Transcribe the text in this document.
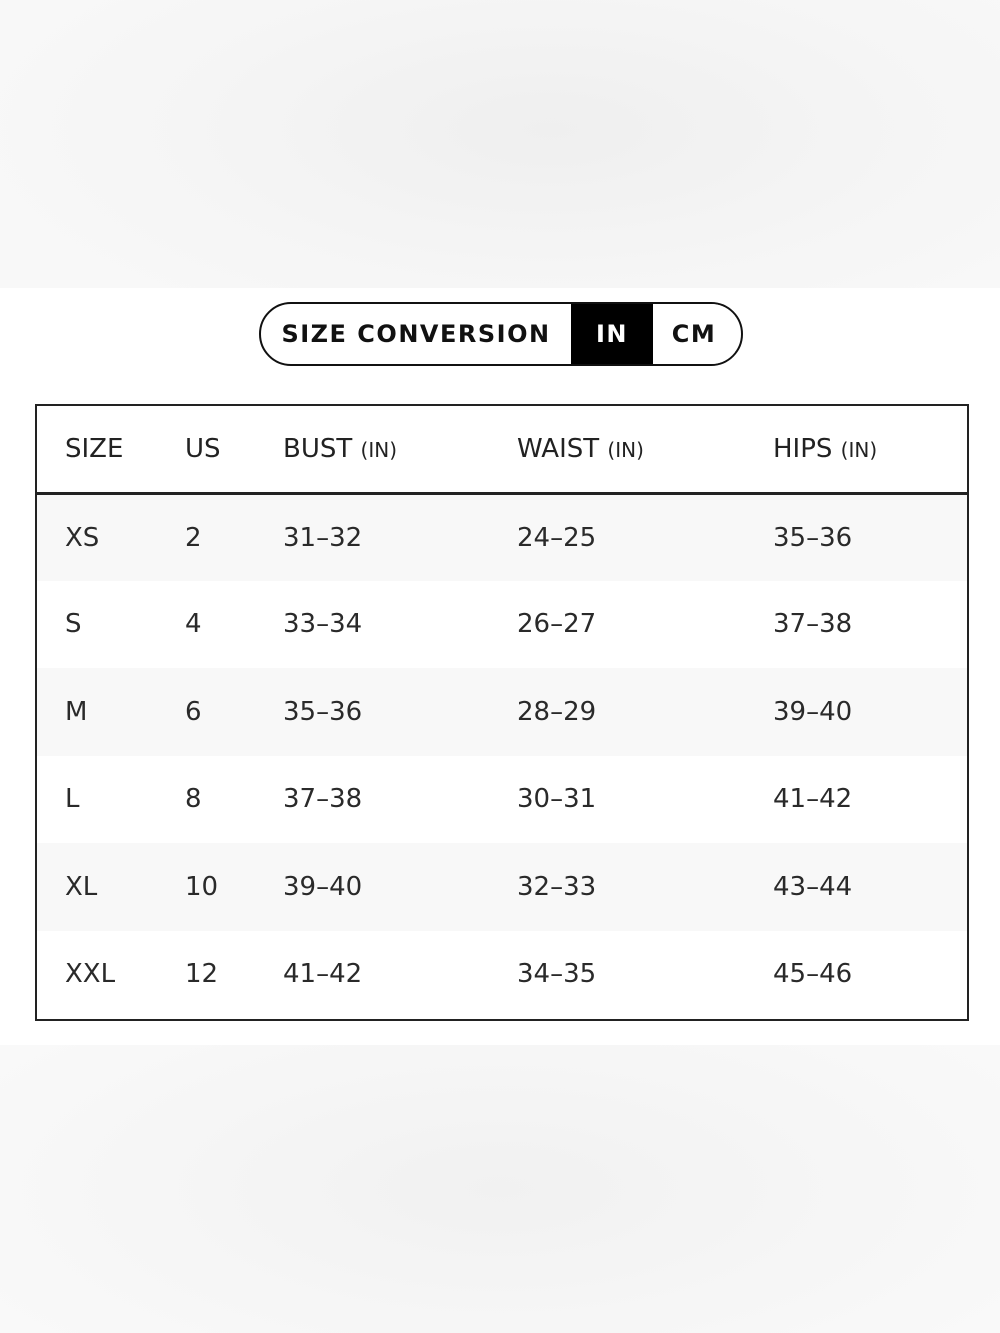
SIZE CONVERSION	IN	CM
SIZE	US	BUST (IN)	WAIST (IN)	HIPS (IN)
XS	2	31–32	24–25	35–36
S	4	33–34	26–27	37–38
M	6	35–36	28–29	39–40
L	8	37–38	30–31	41–42
XL	10	39–40	32–33	43–44
XXL	12	41–42	34–35	45–46
